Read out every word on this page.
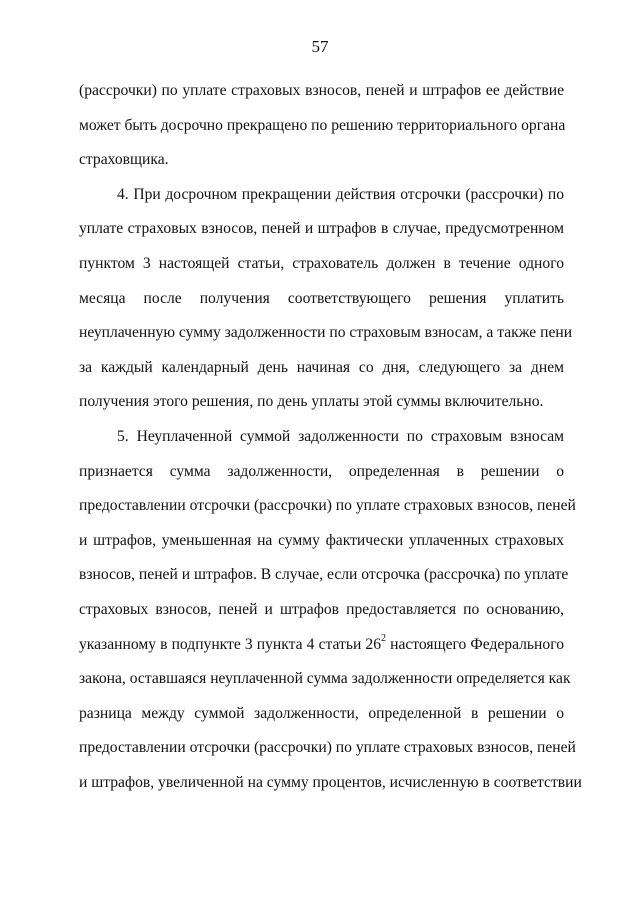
57
(рассрочки) по уплате страховых взносов, пеней и штрафов ее действие
может быть досрочно прекращено по решению территориального органа
страховщика.
4. При досрочном прекращении действия отсрочки (рассрочки) по
уплате страховых взносов, пеней и штрафов в случае, предусмотренном
пунктом 3 настоящей статьи, страхователь должен в течение одного
месяца после получения соответствующего решения уплатить
неуплаченную сумму задолженности по страховым взносам, а также пени
за каждый календарный день начиная со дня, следующего за днем
получения этого решения, по день уплаты этой суммы включительно.
5. Неуплаченной суммой задолженности по страховым взносам
признается сумма задолженности, определенная в решении о
предоставлении отсрочки (рассрочки) по уплате страховых взносов, пеней
и штрафов, уменьшенная на сумму фактически уплаченных страховых
взносов, пеней и штрафов. В случае, если отсрочка (рассрочка) по уплате
страховых взносов, пеней и штрафов предоставляется по основанию,
указанному в подпункте 3 пункта 4 статьи $26^2$ настоящего Федерального
закона, оставшаяся неуплаченной сумма задолженности определяется как
разница между суммой задолженности, определенной в решении о
предоставлении отсрочки (рассрочки) по уплате страховых взносов, пеней
и штрафов, увеличенной на сумму процентов, исчисленную в соответствии
